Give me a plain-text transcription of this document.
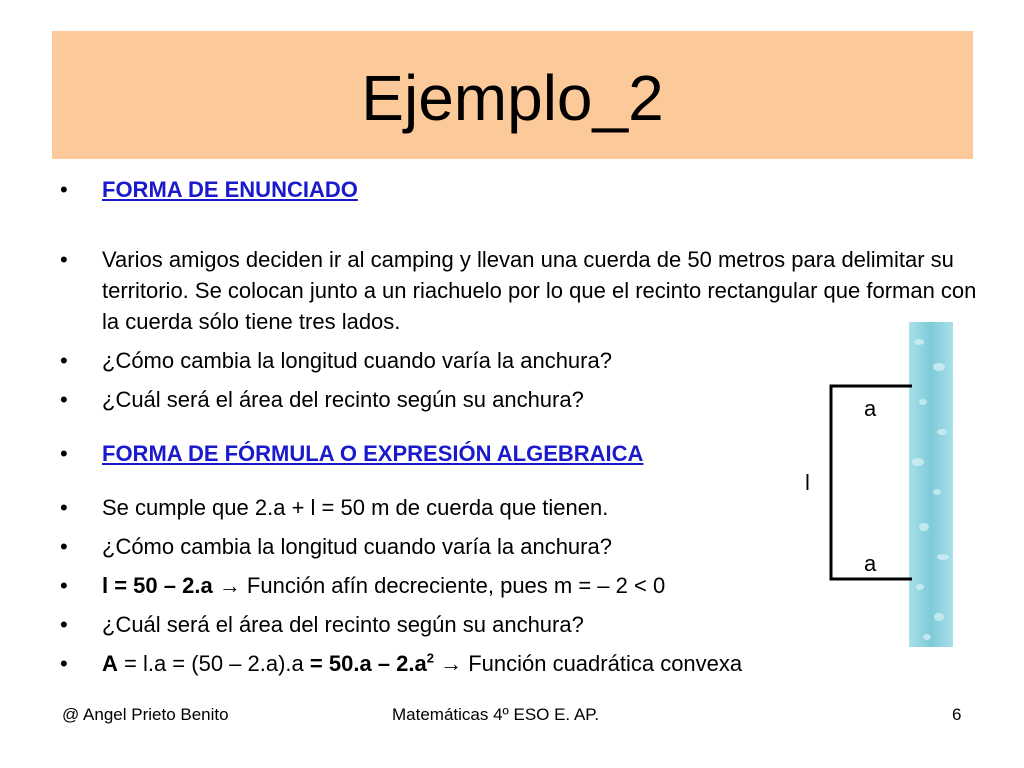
Ejemplo_2
• FORMA DE ENUNCIADO
• Varios amigos deciden ir al camping y llevan una cuerda de 50 metros para delimitar su territorio. Se colocan junto a un riachuelo por lo que el recinto rectangular que forman con la cuerda sólo tiene tres lados.
• ¿Cómo cambia la longitud cuando varía la anchura?
• ¿Cuál será el área del recinto según su anchura?
• FORMA DE FÓRMULA O EXPRESIÓN ALGEBRAICA
• Se cumple que 2.a + l = 50 m de cuerda que tienen.
• ¿Cómo cambia la longitud cuando varía la anchura?
• l = 50 – 2.a → Función afín decreciente, pues m = – 2 < 0
• ¿Cuál será el área del recinto según su anchura?
• $A = l.a = (50 - 2.a).a = 50.a - 2.a^2$ → Función cuadrática convexa
a
l
a
@ Angel Prieto Benito	Matemáticas 4º ESO E. AP.	6
